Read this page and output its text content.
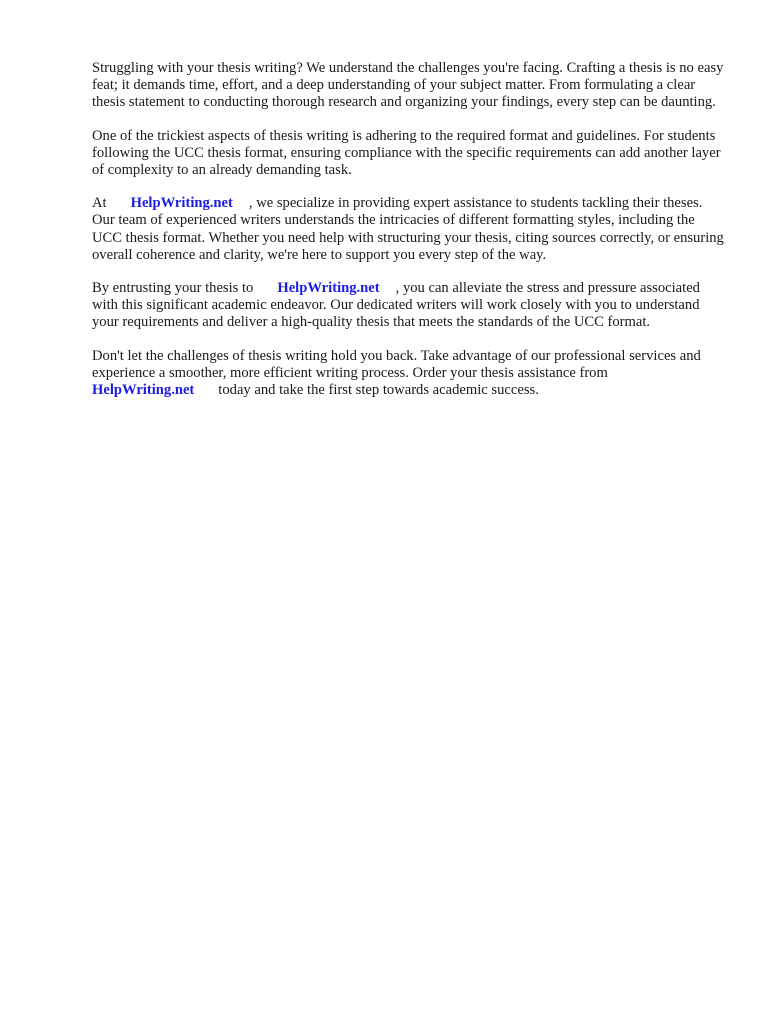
Struggling with your thesis writing? We understand the challenges you're facing. Crafting a thesis is no easy feat; it demands time, effort, and a deep understanding of your subject matter. From formulating a clear thesis statement to conducting thorough research and organizing your findings, every step can be daunting.

One of the trickiest aspects of thesis writing is adhering to the required format and guidelines. For students following the UCC thesis format, ensuring compliance with the specific requirements can add another layer of complexity to an already demanding task.

At HelpWriting.net , we specialize in providing expert assistance to students tackling their theses. Our team of experienced writers understands the intricacies of different formatting styles, including the UCC thesis format. Whether you need help with structuring your thesis, citing sources correctly, or ensuring overall coherence and clarity, we're here to support you every step of the way.

By entrusting your thesis to HelpWriting.net , you can alleviate the stress and pressure associated with this significant academic endeavor. Our dedicated writers will work closely with you to understand your requirements and deliver a high-quality thesis that meets the standards of the UCC format.

Don't let the challenges of thesis writing hold you back. Take advantage of our professional services and experience a smoother, more efficient writing process. Order your thesis assistance from
HelpWriting.net today and take the first step towards academic success.
